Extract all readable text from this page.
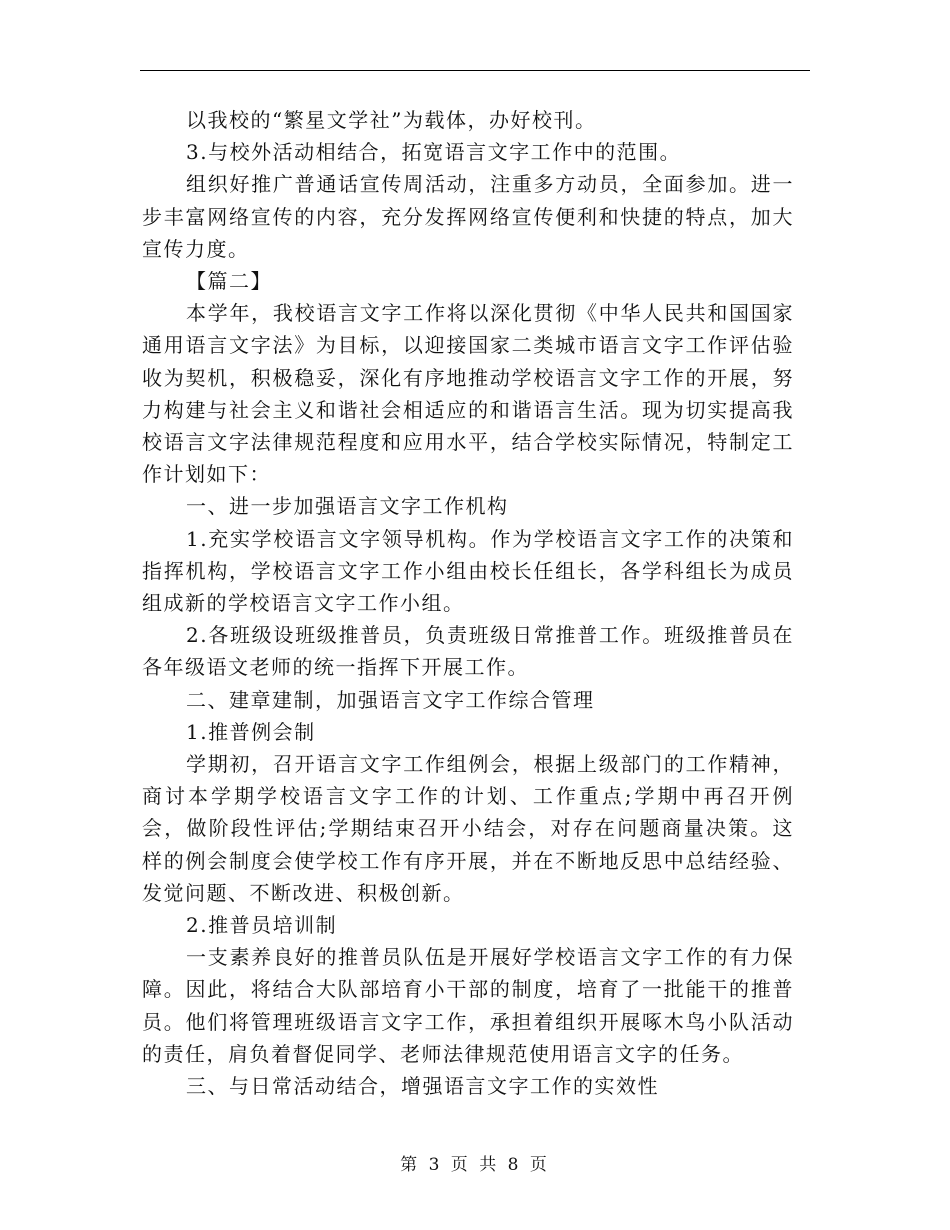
以我校的“繁星文学社”为载体，办好校刊。

3.与校外活动相结合，拓宽语言文字工作中的范围。

组织好推广普通话宣传周活动，注重多方动员，全面参加。进一步丰富网络宣传的内容，充分发挥网络宣传便利和快捷的特点，加大宣传力度。

【篇二】

本学年，我校语言文字工作将以深化贯彻《中华人民共和国国家通用语言文字法》为目标，以迎接国家二类城市语言文字工作评估验收为契机，积极稳妥，深化有序地推动学校语言文字工作的开展，努力构建与社会主义和谐社会相适应的和谐语言生活。现为切实提高我校语言文字法律规范程度和应用水平，结合学校实际情况，特制定工作计划如下：

一、进一步加强语言文字工作机构

1.充实学校语言文字领导机构。作为学校语言文字工作的决策和指挥机构，学校语言文字工作小组由校长任组长，各学科组长为成员组成新的学校语言文字工作小组。

2.各班级设班级推普员，负责班级日常推普工作。班级推普员在各年级语文老师的统一指挥下开展工作。

二、建章建制，加强语言文字工作综合管理

1.推普例会制

学期初，召开语言文字工作组例会，根据上级部门的工作精神，商讨本学期学校语言文字工作的计划、工作重点;学期中再召开例会，做阶段性评估;学期结束召开小结会，对存在问题商量决策。这样的例会制度会使学校工作有序开展，并在不断地反思中总结经验、发觉问题、不断改进、积极创新。

2.推普员培训制

一支素养良好的推普员队伍是开展好学校语言文字工作的有力保障。因此，将结合大队部培育小干部的制度，培育了一批能干的推普员。他们将管理班级语言文字工作，承担着组织开展啄木鸟小队活动的责任，肩负着督促同学、老师法律规范使用语言文字的任务。

三、与日常活动结合，增强语言文字工作的实效性

第 3 页 共 8 页
